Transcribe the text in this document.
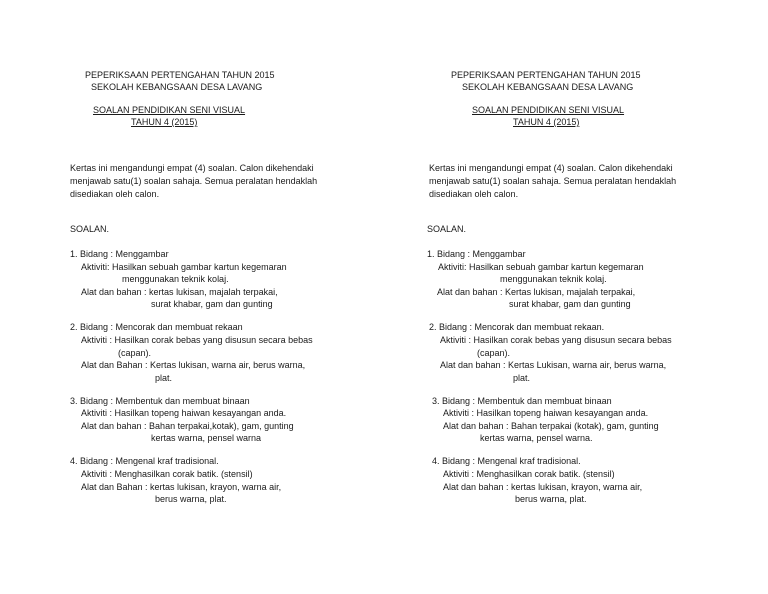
PEPERIKSAAN PERTENGAHAN TAHUN 2015
SEKOLAH KEBANGSAAN DESA LAVANG
SOALAN PENDIDIKAN SENI VISUAL
TAHUN 4 (2015)
Kertas ini mengandungi empat (4) soalan. Calon dikehendaki
menjawab satu(1) soalan sahaja. Semua peralatan hendaklah
disediakan oleh calon.
SOALAN.
1. Bidang : Menggambar
Aktiviti: Hasilkan sebuah gambar kartun kegemaran
menggunakan teknik kolaj.
Alat dan bahan : kertas lukisan, majalah terpakai,
surat khabar, gam dan gunting
2. Bidang : Mencorak dan membuat rekaan
Aktiviti : Hasilkan corak bebas yang disusun secara bebas
(capan).
Alat dan Bahan : Kertas lukisan, warna air, berus warna,
plat.
3. Bidang : Membentuk dan membuat binaan
Aktiviti : Hasilkan topeng haiwan kesayangan anda.
Alat dan bahan : Bahan terpakai,kotak), gam, gunting
kertas warna, pensel warna
4. Bidang : Mengenal kraf tradisional.
Aktiviti : Menghasilkan corak batik. (stensil)
Alat dan Bahan : kertas lukisan, krayon, warna air,
berus warna, plat.
PEPERIKSAAN PERTENGAHAN TAHUN 2015
SEKOLAH KEBANGSAAN DESA LAVANG
SOALAN PENDIDIKAN SENI VISUAL
TAHUN 4 (2015)
Kertas ini mengandungi empat (4) soalan. Calon dikehendaki
menjawab satu(1) soalan sahaja. Semua peralatan hendaklah
disediakan oleh calon.
SOALAN.
1. Bidang : Menggambar
Aktiviti: Hasilkan sebuah gambar kartun kegemaran
menggunakan teknik kolaj.
Alat dan bahan : Kertas lukisan, majalah terpakai,
surat khabar, gam dan gunting
2. Bidang : Mencorak dan membuat rekaan.
Aktiviti : Hasilkan corak bebas yang disusun secara bebas
(capan).
Alat dan bahan : Kertas Lukisan, warna air, berus warna,
plat.
3. Bidang : Membentuk dan membuat binaan
Aktiviti : Hasilkan topeng haiwan kesayangan anda.
Alat dan bahan : Bahan terpakai (kotak), gam, gunting
kertas warna, pensel warna.
4. Bidang : Mengenal kraf tradisional.
Aktiviti : Menghasilkan corak batik. (stensil)
Alat dan bahan : kertas lukisan, krayon, warna air,
berus warna, plat.
